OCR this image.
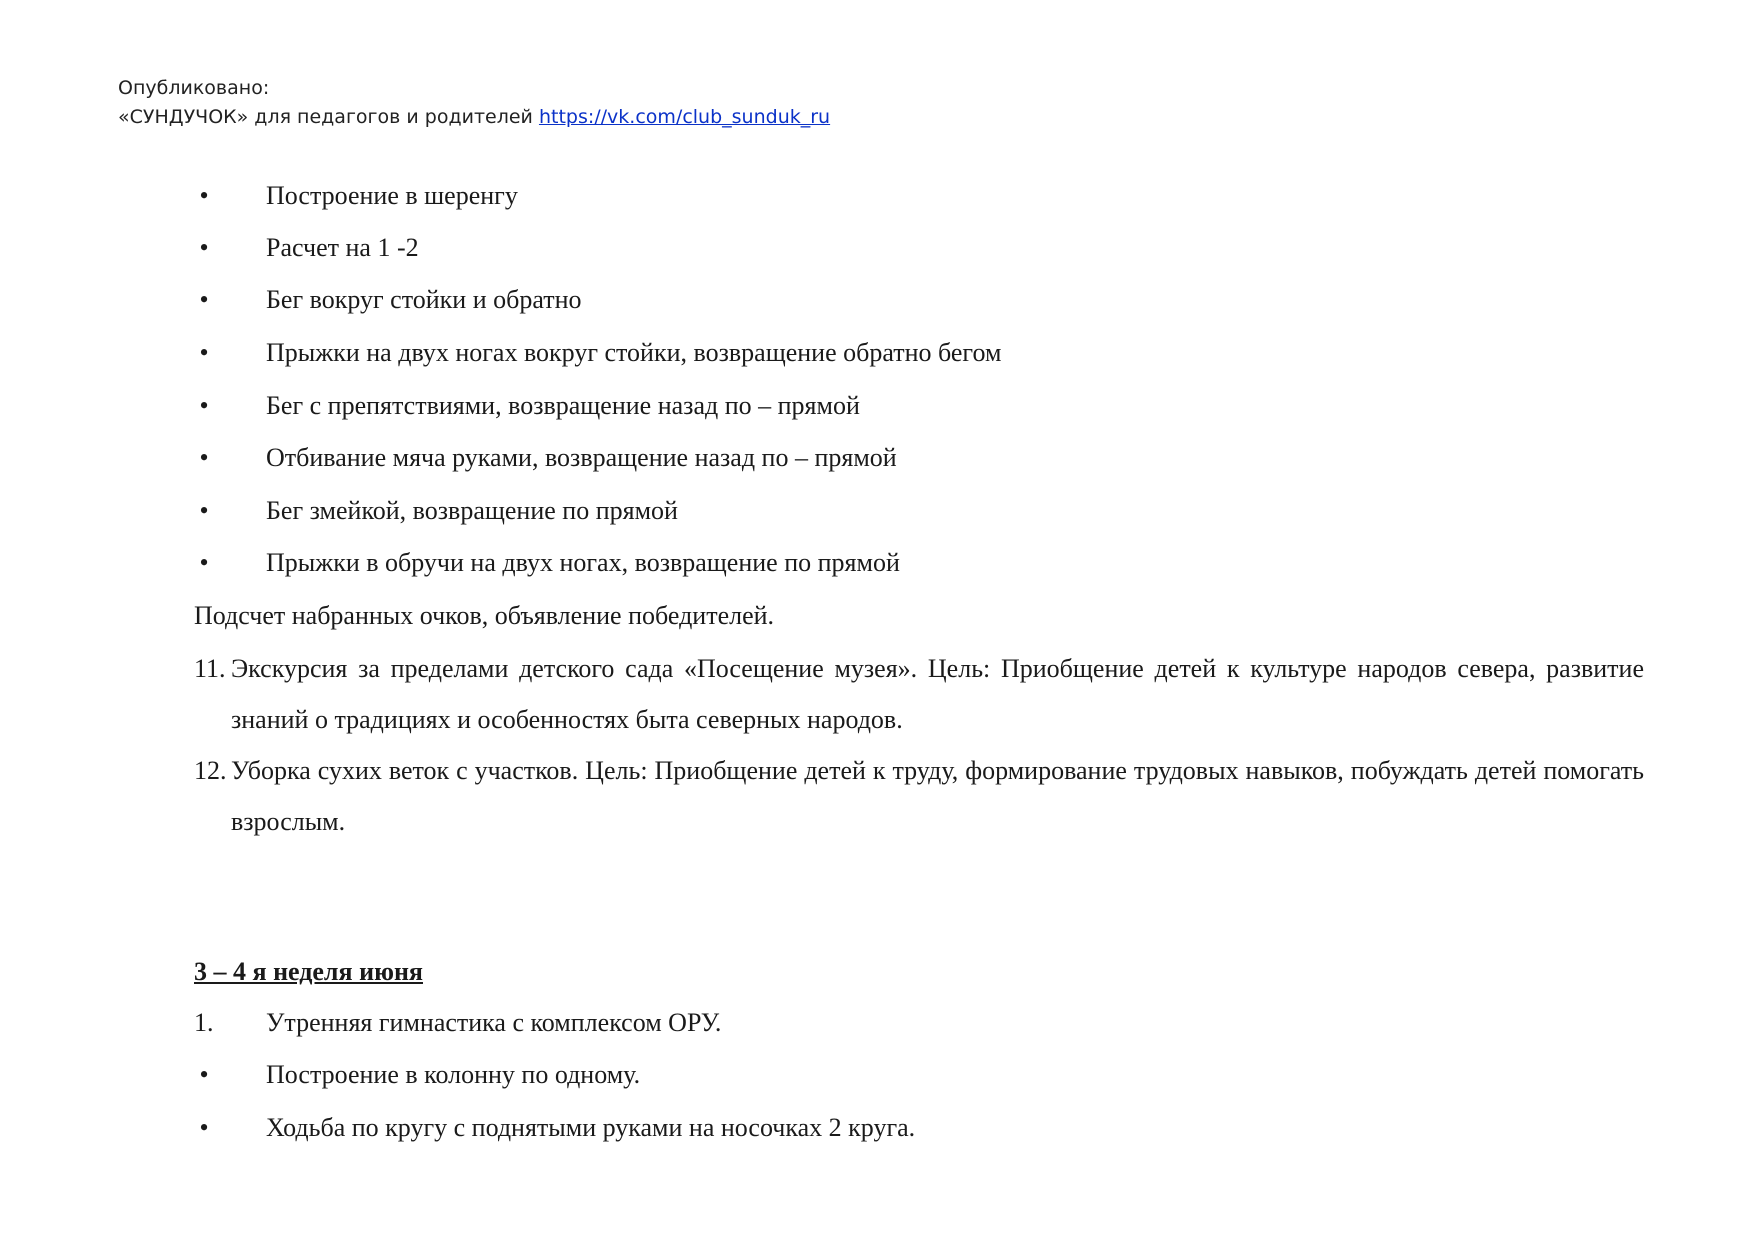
Опубликовано:
«СУНДУЧОК» для педагогов и родителей https://vk.com/club_sunduk_ru
• Построение в шеренгу
• Расчет на 1 -2
• Бег вокруг стойки и обратно
• Прыжки на двух ногах вокруг стойки, возвращение обратно бегом
• Бег с препятствиями, возвращение назад по – прямой
• Отбивание мяча руками, возвращение назад по – прямой
• Бег змейкой, возвращение по прямой
• Прыжки в обручи на двух ногах, возвращение по прямой
Подсчет набранных очков, объявление победителей.
11. Экскурсия за пределами детского сада «Посещение музея». Цель: Приобщение детей к культуре народов севера, развитие знаний о традициях и особенностях быта северных народов.
12. Уборка сухих веток с участков. Цель: Приобщение детей к труду, формирование трудовых навыков, побуждать детей помогать взрослым.
3 – 4 я неделя июня
1. Утренняя гимнастика с комплексом ОРУ.
• Построение в колонну по одному.
• Ходьба по кругу с поднятыми руками на носочках 2 круга.
